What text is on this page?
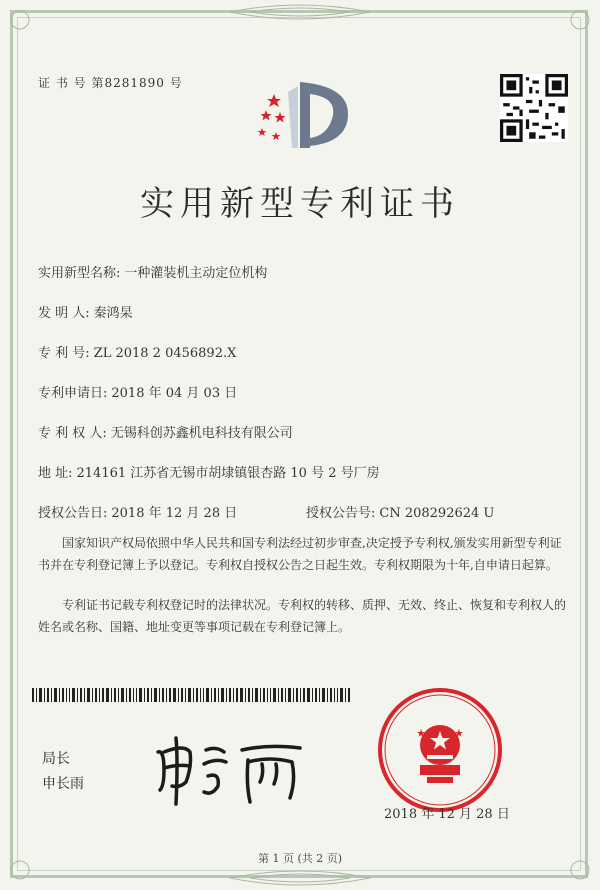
证 书 号 第8281890 号
实用新型专利证书
实用新型名称: 一种灌装机主动定位机构
发 明 人: 秦鸿杲
专 利 号: ZL 2018 2 0456892.X
专利申请日: 2018 年 04 月 03 日
专 利 权 人: 无锡科创苏鑫机电科技有限公司
地 址: 214161 江苏省无锡市胡埭镇银杏路 10 号 2 号厂房
授权公告日: 2018 年 12 月 28 日	授权公告号: CN 208292624 U
国家知识产权局依照中华人民共和国专利法经过初步审查,决定授予专利权,颁发实用新型专利证书并在专利登记簿上予以登记。专利权自授权公告之日起生效。专利权期限为十年,自申请日起算。
专利证书记载专利权登记时的法律状况。专利权的转移、质押、无效、终止、恢复和专利权人的姓名或名称、国籍、地址变更等事项记载在专利登记簿上。
局长
申长雨
2018 年 12 月 28 日
第 1 页 (共 2 页)
